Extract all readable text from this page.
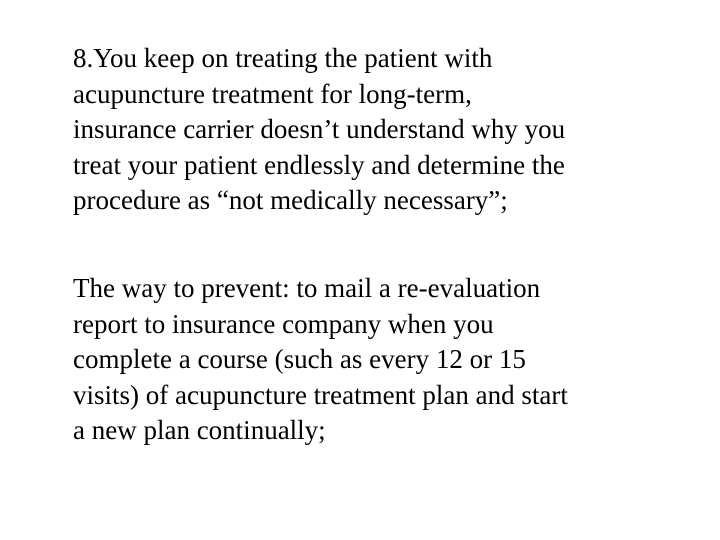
8.You keep on treating the patient with
acupuncture treatment for long-term,
insurance carrier doesn’t understand why you
treat your patient endlessly and determine the
procedure as “not medically necessary”;

The way to prevent: to mail a re-evaluation
report to insurance company when you
complete a course (such as every 12 or 15
visits) of acupuncture treatment plan and start
a new plan continually;
